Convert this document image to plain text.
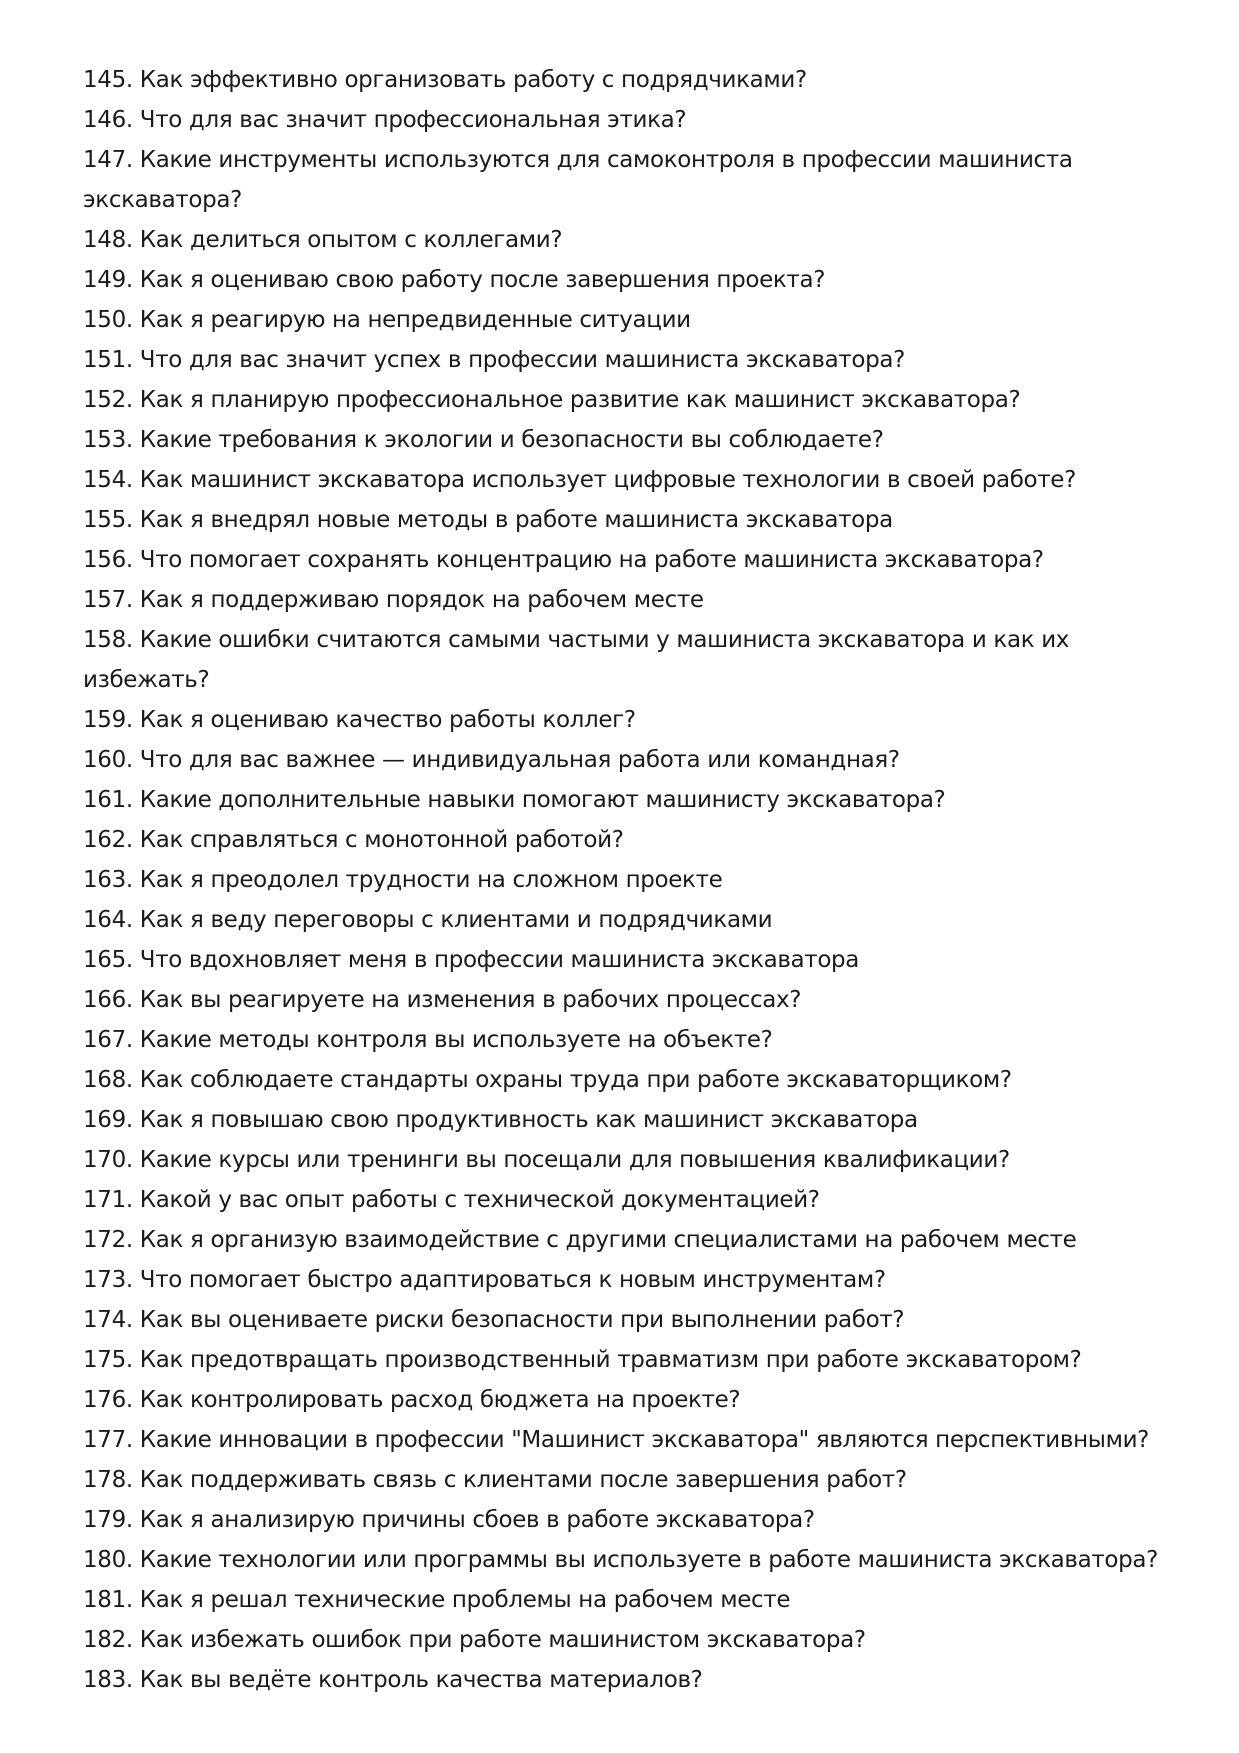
145. Как эффективно организовать работу с подрядчиками?
146. Что для вас значит профессиональная этика?
147. Какие инструменты используются для самоконтроля в профессии машиниста экскаватора?
148. Как делиться опытом с коллегами?
149. Как я оцениваю свою работу после завершения проекта?
150. Как я реагирую на непредвиденные ситуации
151. Что для вас значит успех в профессии машиниста экскаватора?
152. Как я планирую профессиональное развитие как машинист экскаватора?
153. Какие требования к экологии и безопасности вы соблюдаете?
154. Как машинист экскаватора использует цифровые технологии в своей работе?
155. Как я внедрял новые методы в работе машиниста экскаватора
156. Что помогает сохранять концентрацию на работе машиниста экскаватора?
157. Как я поддерживаю порядок на рабочем месте
158. Какие ошибки считаются самыми частыми у машиниста экскаватора и как их избежать?
159. Как я оцениваю качество работы коллег?
160. Что для вас важнее — индивидуальная работа или командная?
161. Какие дополнительные навыки помогают машинисту экскаватора?
162. Как справляться с монотонной работой?
163. Как я преодолел трудности на сложном проекте
164. Как я веду переговоры с клиентами и подрядчиками
165. Что вдохновляет меня в профессии машиниста экскаватора
166. Как вы реагируете на изменения в рабочих процессах?
167. Какие методы контроля вы используете на объекте?
168. Как соблюдаете стандарты охраны труда при работе экскаваторщиком?
169. Как я повышаю свою продуктивность как машинист экскаватора
170. Какие курсы или тренинги вы посещали для повышения квалификации?
171. Какой у вас опыт работы с технической документацией?
172. Как я организую взаимодействие с другими специалистами на рабочем месте
173. Что помогает быстро адаптироваться к новым инструментам?
174. Как вы оцениваете риски безопасности при выполнении работ?
175. Как предотвращать производственный травматизм при работе экскаватором?
176. Как контролировать расход бюджета на проекте?
177. Какие инновации в профессии "Машинист экскаватора" являются перспективными?
178. Как поддерживать связь с клиентами после завершения работ?
179. Как я анализирую причины сбоев в работе экскаватора?
180. Какие технологии или программы вы используете в работе машиниста экскаватора?
181. Как я решал технические проблемы на рабочем месте
182. Как избежать ошибок при работе машинистом экскаватора?
183. Как вы ведёте контроль качества материалов?
